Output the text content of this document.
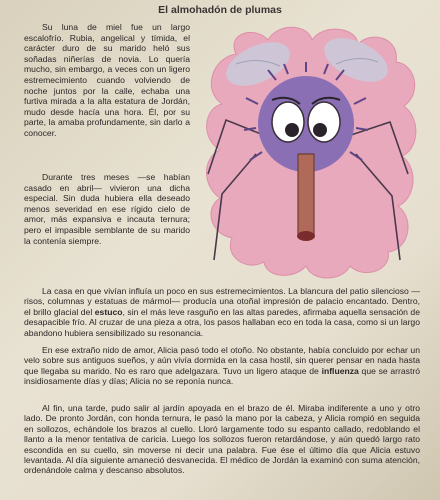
El almohadón de plumas

Su luna de miel fue un largo escalofrío. Rubia, angelical y tímida, el carácter duro de su marido heló sus soñadas niñerías de novia. Lo quería mucho, sin embargo, a veces con un ligero estremecimiento cuando volviendo de noche juntos por la calle, echaba una furtiva mirada a la alta estatura de Jordán, mudo desde hacía una hora. Él, por su parte, la amaba profundamente, sin darlo a conocer.

Durante tres meses —se habían casado en abril— vivieron una dicha especial. Sin duda hubiera ella deseado menos severidad en ese rígido cielo de amor, más expansiva e incauta ternura; pero el impasible semblante de su marido la contenía siempre.

La casa en que vivían influía un poco en sus estremecimientos. La blancura del patio silencioso —risos, columnas y estatuas de mármol— producía una otoñal impresión de palacio encantado. Dentro, el brillo glacial del estuco, sin el más leve rasguño en las altas paredes, afirmaba aquella sensación de desapacible frío. Al cruzar de una pieza a otra, los pasos hallaban eco en toda la casa, como si un largo abandono hubiera sensibilizado su resonancia.

En ese extraño nido de amor, Alicia pasó todo el otoño. No obstante, había concluido por echar un velo sobre sus antiguos sueños, y aún vivía dormida en la casa hostil, sin querer pensar en nada hasta que llegaba su marido. No es raro que adelgazara. Tuvo un ligero ataque de influenza que se arrastró insidiosamente días y días; Alicia no se reponía nunca.

Al fin, una tarde, pudo salir al jardín apoyada en el brazo de él. Miraba indiferente a uno y otro lado. De pronto Jordán, con honda ternura, le pasó la mano por la cabeza, y Alicia rompió en seguida en sollozos, echándole los brazos al cuello. Lloró largamente todo su espanto callado, redoblando el llanto a la menor tentativa de caricia. Luego los sollozos fueron retardándose, y aún quedó largo rato escondida en su cuello, sin moverse ni decir una palabra. Fue ése el último día que Alicia estuvo levantada. Al día siguiente amaneció desvanecida. El médico de Jordán la examinó con suma atención, ordenándole calma y descanso absolutos.
